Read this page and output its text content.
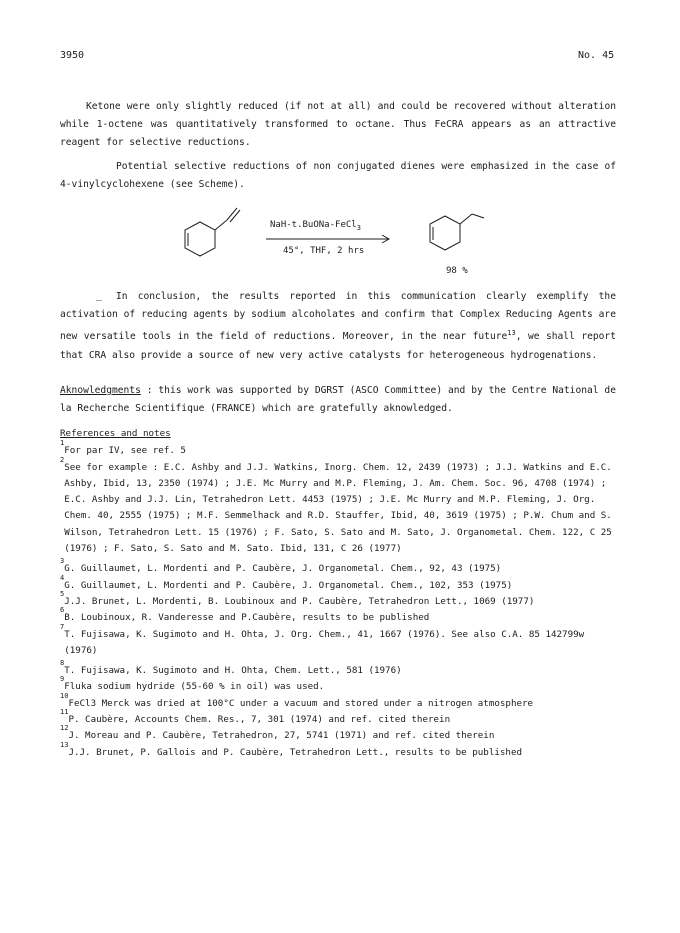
3950	No. 45

Ketone were only slightly reduced (if not at all) and could be recovered without alteration while 1-octene was quantitatively transformed to octane. Thus FeCRA appears as an attractive reagent for selective reductions.

Potential selective reductions of non conjugated dienes were emphasized in the case of 4-vinylcyclohexene (see Scheme).

NaH-t.BuONa-FeCl$_3$
45°, THF, 2 hrs
98 %
_	In conclusion, the results reported in this communication clearly exemplify the activation of reducing agents by sodium alcoholates and confirm that Complex Reducing Agents are new versatile tools in the field of reductions. Moreover, in the near future$^{13}$, we shall report that CRA also provide a source of new very active catalysts for heterogeneous hydrogenations.

Aknowledgments : this work was supported by DGRST (ASCO Committee) and by the Centre National de la Recherche Scientifique (FRANCE) which are gratefully aknowledged.

References and notes
1
For par IV, see ref. 5
2
See for example : E.C. Ashby and J.J. Watkins, Inorg. Chem. 12, 2439 (1973) ; J.J. Watkins and E.C. Ashby, Ibid, 13, 2350 (1974) ; J.E. Mc Murry and M.P. Fleming, J. Am. Chem. Soc. 96, 4708 (1974) ; E.C. Ashby and J.J. Lin, Tetrahedron Lett. 4453 (1975) ; J.E. Mc Murry and M.P. Fleming, J. Org. Chem. 40, 2555 (1975) ; M.F. Semmelhack and R.D. Stauffer, Ibid, 40, 3619 (1975) ; P.W. Chum and S. Wilson, Tetrahedron Lett. 15 (1976) ; F. Sato, S. Sato and M. Sato, J. Organometal. Chem. 122, C 25 (1976) ; F. Sato, S. Sato and M. Sato. Ibid, 131, C 26 (1977)
3
G. Guillaumet, L. Mordenti and P. Caubère, J. Organometal. Chem., 92, 43 (1975)
4
G. Guillaumet, L. Mordenti and P. Caubère, J. Organometal. Chem., 102, 353 (1975)
5
J.J. Brunet, L. Mordenti, B. Loubinoux and P. Caubère, Tetrahedron Lett., 1069 (1977)
6
B. Loubinoux, R. Vanderesse and P.Caubère, results to be published
7
T. Fujisawa, K. Sugimoto and H. Ohta, J. Org. Chem., 41, 1667 (1976). See also C.A. 85 142799w (1976)
8
T. Fujisawa, K. Sugimoto and H. Ohta, Chem. Lett., 581 (1976)
9
Fluka sodium hydride (55-60 % in oil) was used.
10
FeCl3 Merck was dried at 100°C under a vacuum and stored under a nitrogen atmosphere
11
P. Caubère, Accounts Chem. Res., 7, 301 (1974) and ref. cited therein
12
J. Moreau and P. Caubère, Tetrahedron, 27, 5741 (1971) and ref. cited therein
13
J.J. Brunet, P. Gallois and P. Caubère, Tetrahedron Lett., results to be published
